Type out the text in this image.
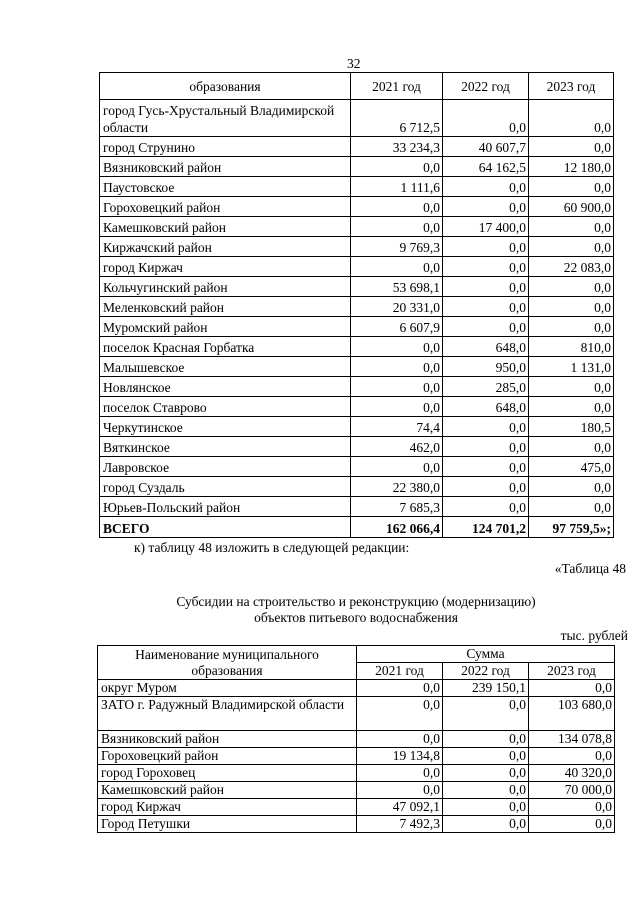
32
образования	2021 год	2022 год	2023 год
город Гусь-Хрустальный Владимирской области	6 712,5	0,0	0,0
город Струнино	33 234,3	40 607,7	0,0
Вязниковский район	0,0	64 162,5	12 180,0
Паустовское	1 111,6	0,0	0,0
Гороховецкий район	0,0	0,0	60 900,0
Камешковский район	0,0	17 400,0	0,0
Киржачский район	9 769,3	0,0	0,0
город Киржач	0,0	0,0	22 083,0
Кольчугинский район	53 698,1	0,0	0,0
Меленковский район	20 331,0	0,0	0,0
Муромский район	6 607,9	0,0	0,0
поселок Красная Горбатка	0,0	648,0	810,0
Малышевское	0,0	950,0	1 131,0
Новлянское	0,0	285,0	0,0
поселок Ставрово	0,0	648,0	0,0
Черкутинское	74,4	0,0	180,5
Вяткинское	462,0	0,0	0,0
Лавровское	0,0	0,0	475,0
город Суздаль	22 380,0	0,0	0,0
Юрьев-Польский район	7 685,3	0,0	0,0
ВСЕГО	162 066,4	124 701,2	97 759,5»;
к) таблицу 48 изложить в следующей редакции:
«Таблица 48
Субсидии на строительство и реконструкцию (модернизацию)
объектов питьевого водоснабжения
тыс. рублей
Наименование муниципального
образования	Сумма		
	2021 год	2022 год	2023 год
округ Муром	0,0	239 150,1	0,0
ЗАТО г. Радужный Владимирской области	0,0	0,0	103 680,0
Вязниковский район	0,0	0,0	134 078,8
Гороховецкий район	19 134,8	0,0	0,0
город Гороховец	0,0	0,0	40 320,0
Камешковский район	0,0	0,0	70 000,0
город Киржач	47 092,1	0,0	0,0
Город Петушки	7 492,3	0,0	0,0
